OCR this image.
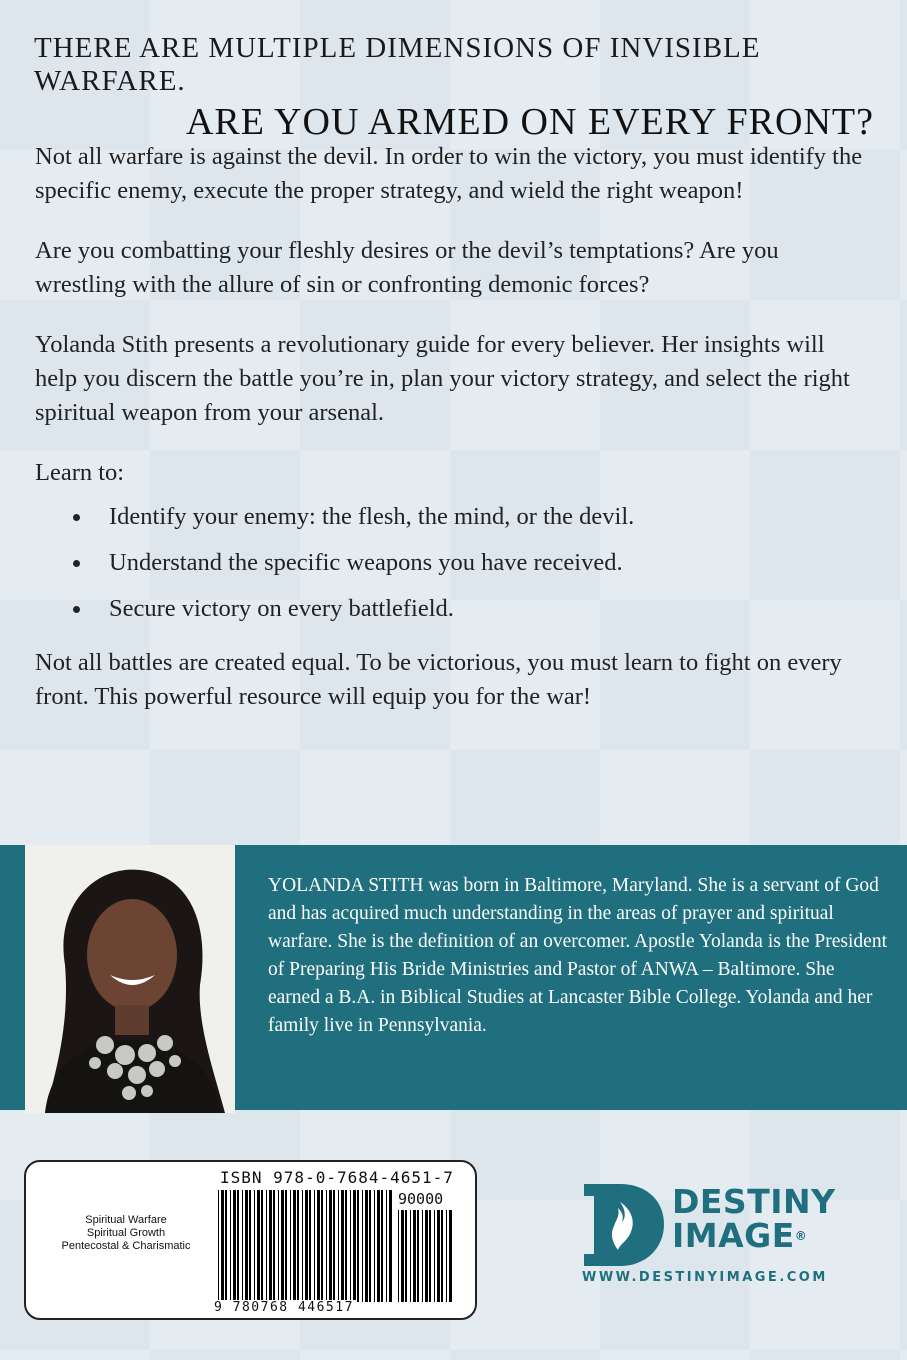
THERE ARE MULTIPLE DIMENSIONS OF INVISIBLE WARFARE.
ARE YOU ARMED ON EVERY FRONT?

Not all warfare is against the devil. In order to win the victory, you must identify the specific enemy, execute the proper strategy, and wield the right weapon!

Are you combatting your fleshly desires or the devil’s temptations? Are you wrestling with the allure of sin or confronting demonic forces?

Yolanda Stith presents a revolutionary guide for every believer. Her insights will help you discern the battle you’re in, plan your victory strategy, and select the right spiritual weapon from your arsenal.

Learn to:

Identify your enemy: the flesh, the mind, or the devil.
Understand the specific weapons you have received.
Secure victory on every battlefield.

Not all battles are created equal. To be victorious, you must learn to fight on every front. This powerful resource will equip you for the war!

YOLANDA STITH was born in Baltimore, Maryland. She is a servant of God and has acquired much understanding in the areas of prayer and spiritual warfare. She is the definition of an overcomer. Apostle Yolanda is the President of Preparing His Bride Ministries and Pastor of ANWA – Baltimore. She earned a B.A. in Biblical Studies at Lancaster Bible College. Yolanda and her family live in Pennsylvania.
Spiritual Warfare
Spiritual Growth
Pentecostal & Charismatic
ISBN 978-0-7684-4651-7
90000
9 780768 446517
DESTINY
IMAGE®
WWW.DESTINYIMAGE.COM
